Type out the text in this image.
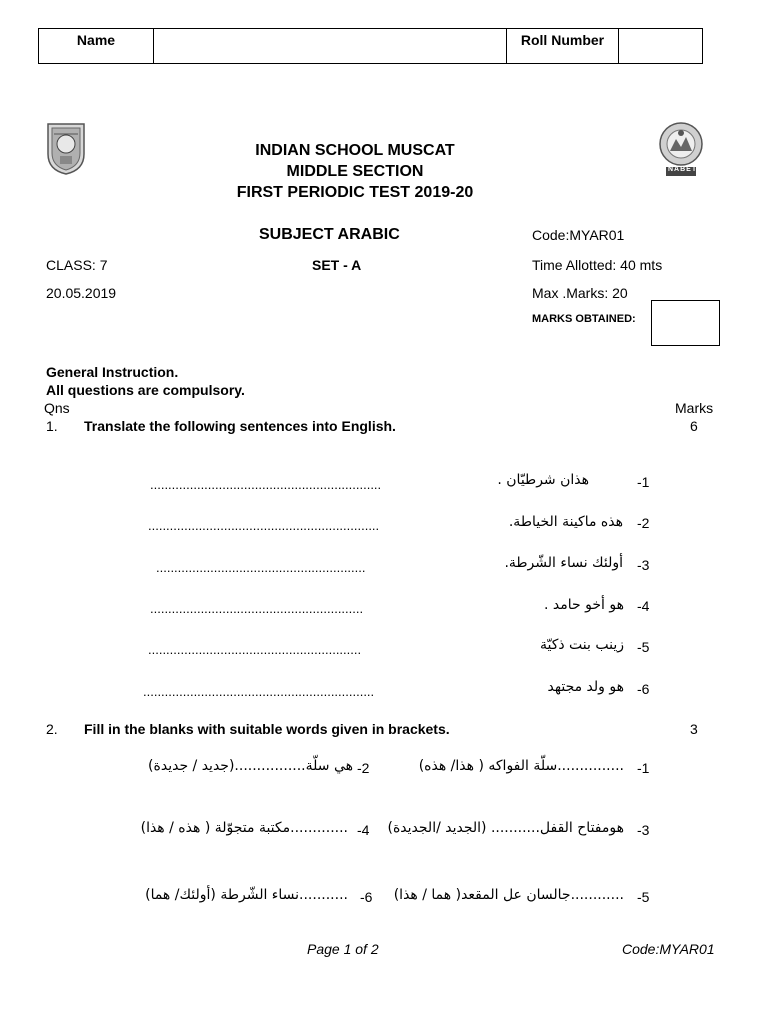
Name	Roll Number
NABET
INDIAN SCHOOL MUSCAT
MIDDLE SECTION
FIRST PERIODIC TEST 2019-20
SUBJECT ARABIC	Code:MYAR01
CLASS: 7	SET - A	Time Allotted: 40 mts
20.05.2019	Max .Marks: 20
MARKS OBTAINED:
General Instruction.
All questions are compulsory.
Qns	Marks
1. Translate the following sentences into English.	6
................................................................	هذان شرطيّان .	-1
................................................................	هذه ماكينة الخياطة. -2
..........................................................	أولئك نساء الشّرطة. -3
...........................................................	هو أخو حامد . -4
...........................................................	زينب بنت ذكيّة -5
................................................................	هو ولد مجتهد -6
2. Fill in the blanks with suitable words given in brackets.	3
...............سلّة الفواكه ( هذا/ هذه) -1
هي سلّة................(جديد / جديدة) -2
هومفتاح القفل........... (الجديد /الجديدة) -3
.............مكتبة متجوّلة ( هذه / هذا) -4
............جالسان عل المقعد( هما / هذا) -5
...........نساء الشّرطة (أولئك/ هما) -6
Page 1 of 2	Code:MYAR01
